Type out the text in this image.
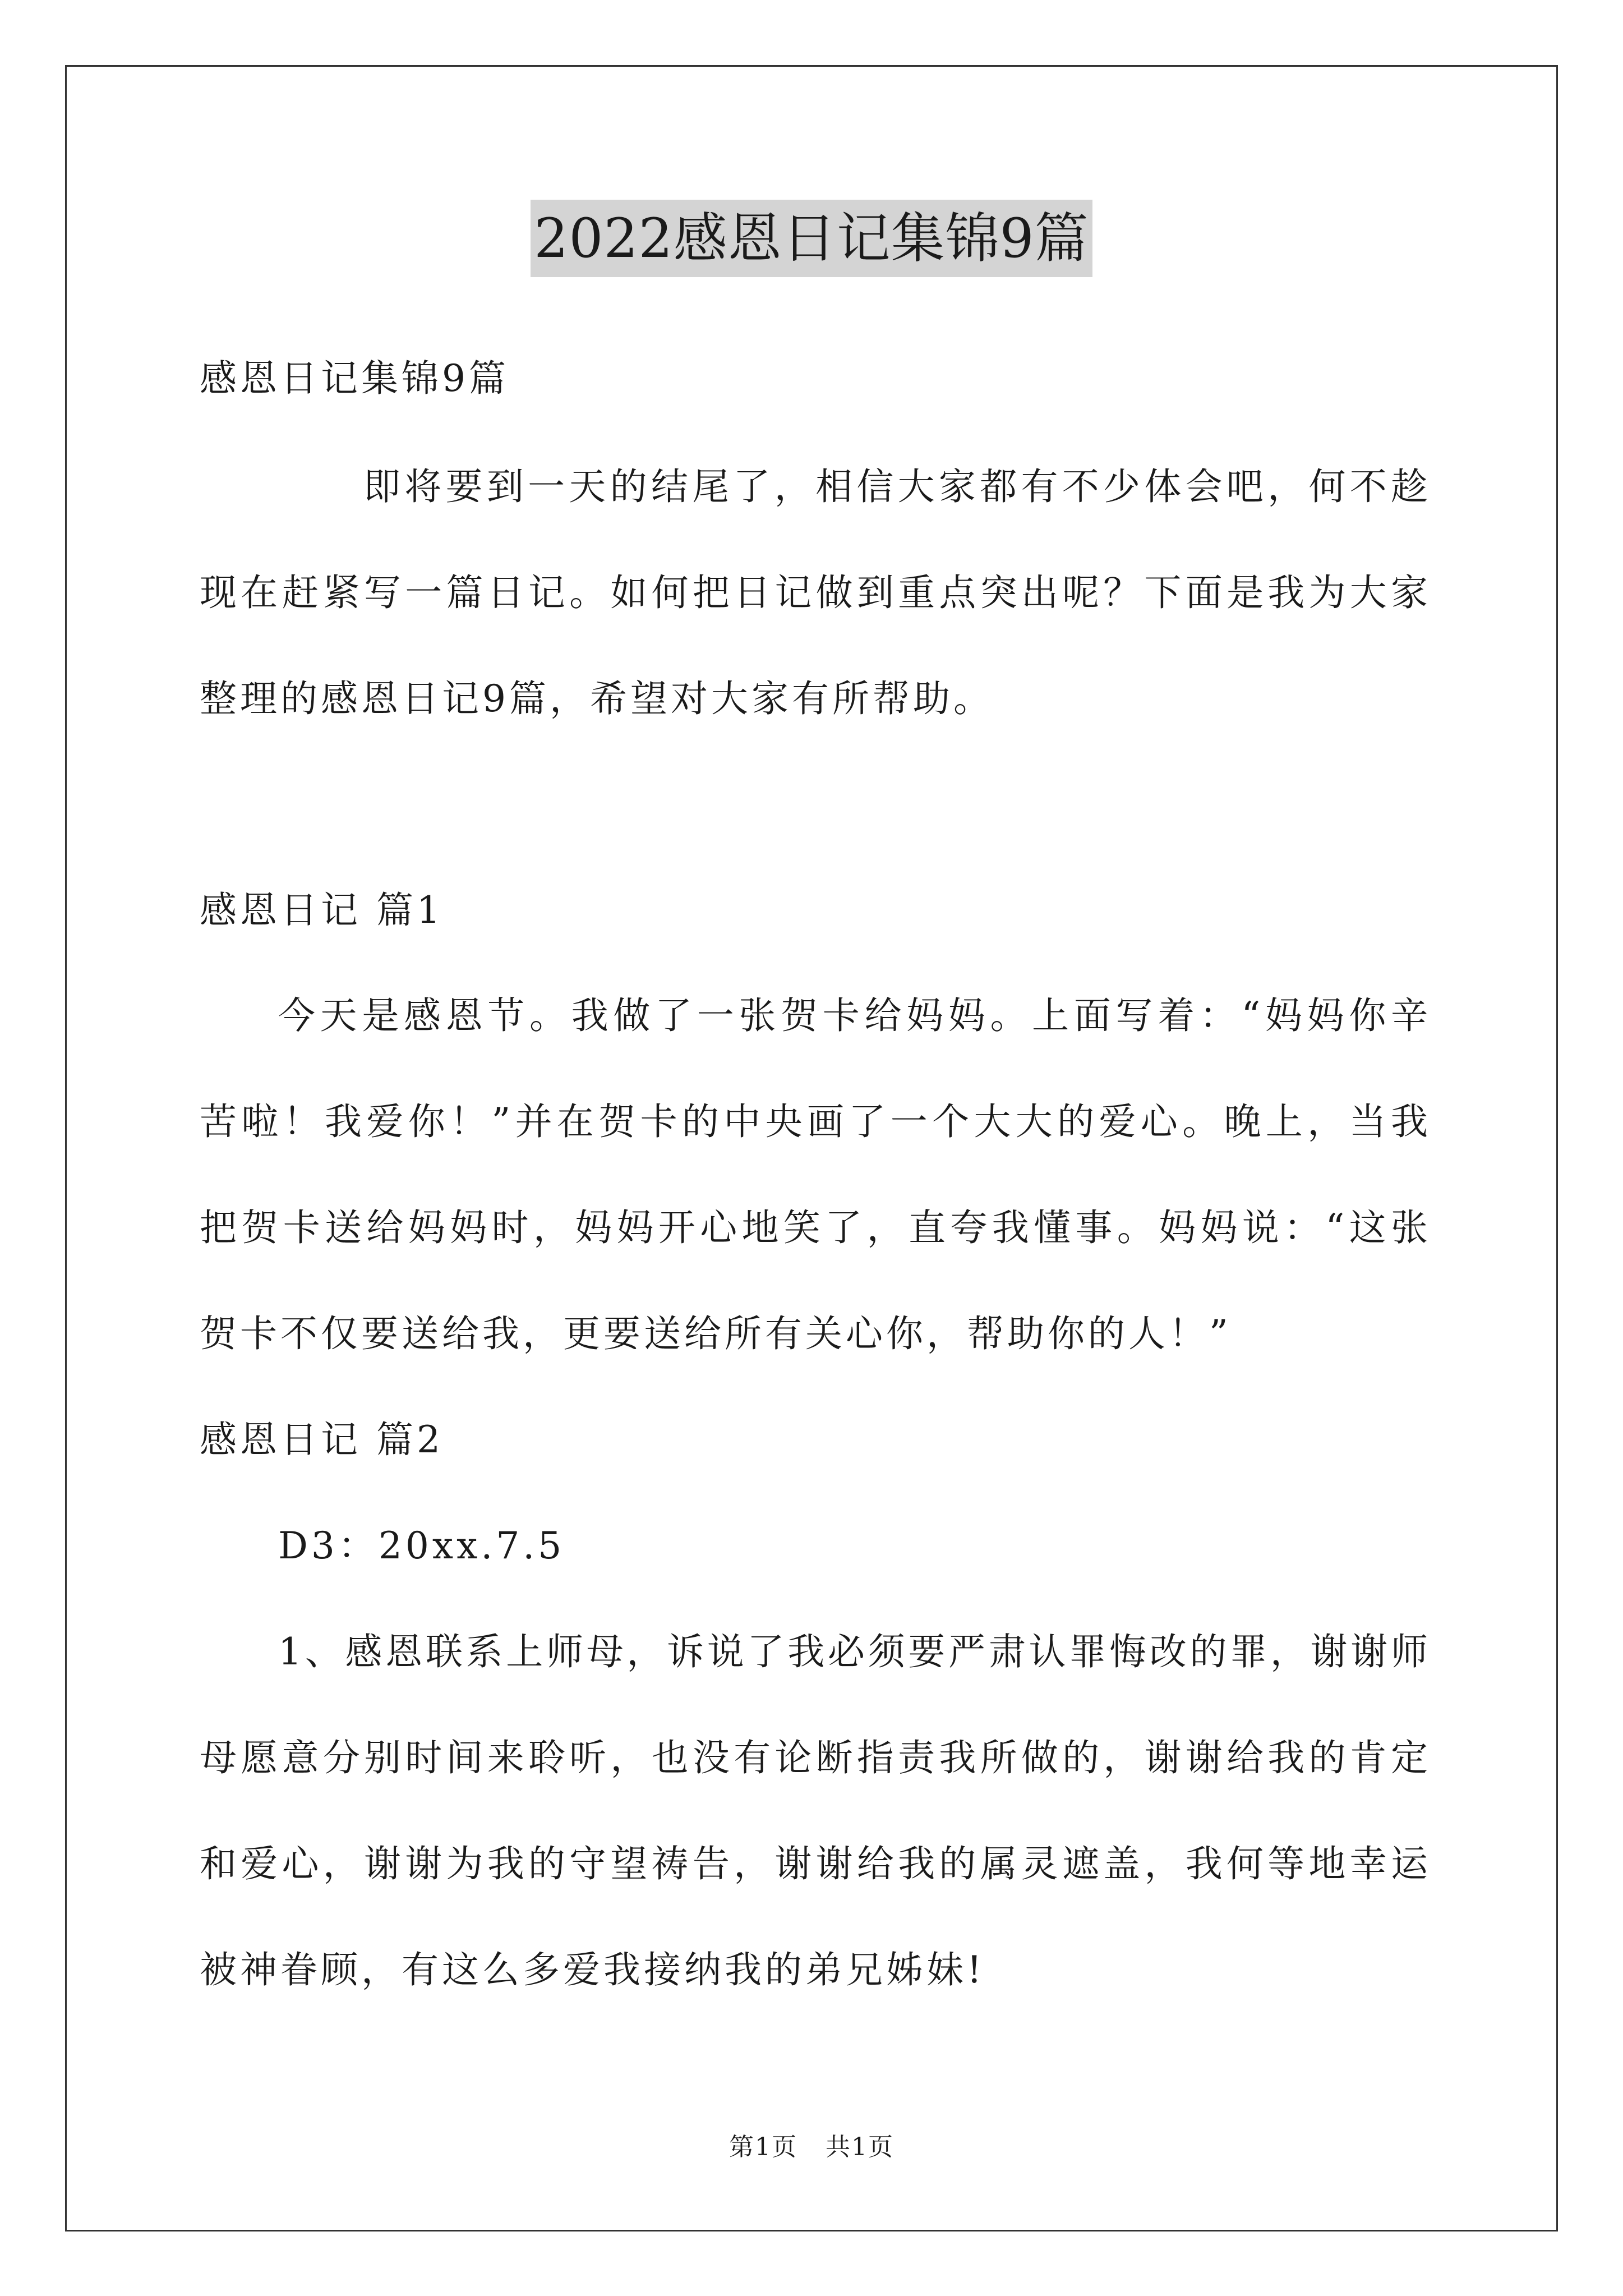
2022感恩日记集锦9篇
感恩日记集锦9篇
即将要到一天的结尾了，相信大家都有不少体会吧，何不趁
现在赶紧写一篇日记。如何把日记做到重点突出呢？下面是我为大家
整理的感恩日记9篇，希望对大家有所帮助。
感恩日记 篇1
今天是感恩节。我做了一张贺卡给妈妈。上面写着：“妈妈你辛
苦啦！我爱你！”并在贺卡的中央画了一个大大的爱心。晚上，当我
把贺卡送给妈妈时，妈妈开心地笑了，直夸我懂事。妈妈说：“这张
贺卡不仅要送给我，更要送给所有关心你，帮助你的人！”
感恩日记 篇2
D3：20xx.7.5
1、感恩联系上师母，诉说了我必须要严肃认罪悔改的罪，谢谢师
母愿意分别时间来聆听，也没有论断指责我所做的，谢谢给我的肯定
和爱心，谢谢为我的守望祷告，谢谢给我的属灵遮盖，我何等地幸运
被神眷顾，有这么多爱我接纳我的弟兄姊妹!
第1页 共1页
